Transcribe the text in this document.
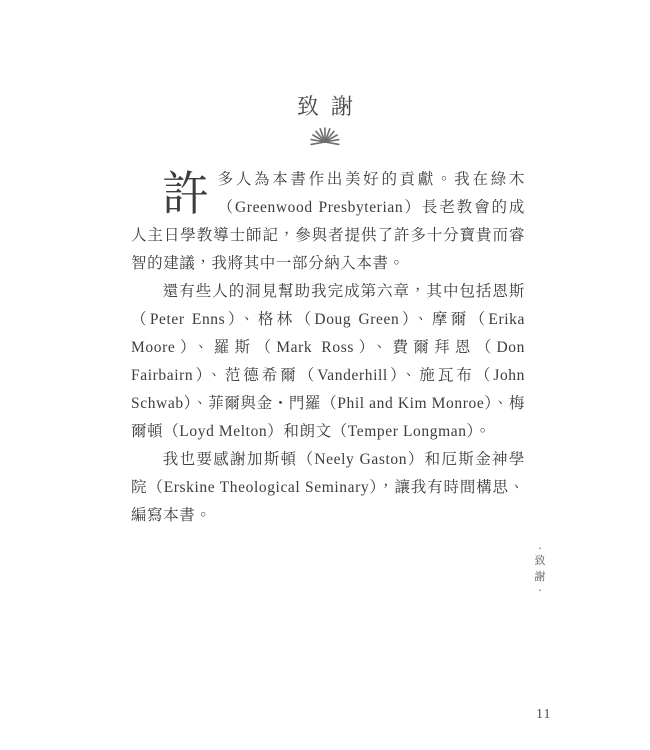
致謝

許多人為本書作出美好的貢獻。我在綠木（Greenwood Presbyterian）長老教會的成人主日學教導士師記，參與者提供了許多十分寶貴而睿智的建議，我將其中一部分納入本書。

還有些人的洞見幫助我完成第六章，其中包括恩斯（Peter Enns）、格林（Doug Green）、摩爾（Erika Moore）、羅斯（Mark Ross）、費爾拜恩（Don Fairbairn）、范德希爾（Vanderhill）、施瓦布（John Schwab）、菲爾與金・門羅（Phil and Kim Monroe）、梅爾頓（Loyd Melton）和朗文（Temper Longman）。

我也要感謝加斯頓（Neely Gaston）和厄斯金神學院（Erskine Theological Seminary），讓我有時間構思、編寫本書。

・
致
謝
・
11
